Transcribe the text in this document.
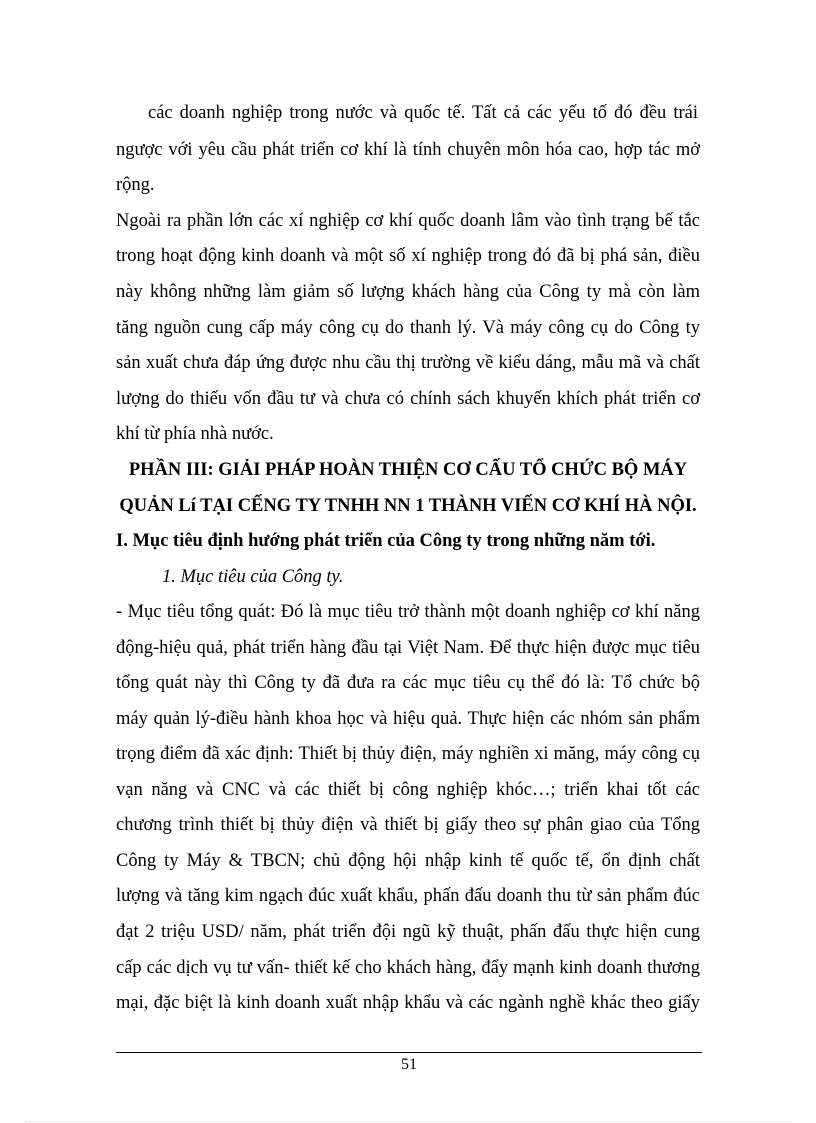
các doanh nghiệp trong nước và quốc tế. Tất cả các yếu tố đó đều trái
ngược với yêu cầu phát triển cơ khí là tính chuyên môn hóa cao, hợp tác mở
rộng.
Ngoài ra phần lớn các xí nghiệp cơ khí quốc doanh lâm vào tình trạng bế tắc
trong hoạt động kinh doanh và một số xí nghiệp trong đó đã bị phá sản, điều
này không những làm giảm số lượng khách hàng của Công ty mà còn làm
tăng nguồn cung cấp máy công cụ do thanh lý. Và máy công cụ do Công ty
sản xuất chưa đáp ứng được nhu cầu thị trường về kiểu dáng, mẫu mã và chất
lượng do thiếu vốn đầu tư và chưa có chính sách khuyến khích phát triển cơ
khí từ phía nhà nước.
PHẦN III: GIẢI PHÁP HOÀN THIỆN CƠ CẤU TỔ CHỨC BỘ MÁY
QUẢN Lí TẠI CẾNG TY TNHH NN 1 THÀNH VIẾN CƠ KHÍ HÀ NỘI.
I. Mục tiêu định hướng phát triển của Công ty trong những năm tới.
1. Mục tiêu của Công ty.
- Mục tiêu tổng quát: Đó là mục tiêu trở thành một doanh nghiệp cơ khí năng
động-hiệu quả, phát triển hàng đầu tại Việt Nam. Để thực hiện được mục tiêu
tổng quát này thì Công ty đã đưa ra các mục tiêu cụ thể đó là: Tổ chức bộ
máy quản lý-điều hành khoa học và hiệu quả. Thực hiện các nhóm sản phẩm
trọng điểm đã xác định: Thiết bị thủy điện, máy nghiền xi măng, máy công cụ
vạn năng và CNC và các thiết bị công nghiệp khóc…; triển khai tốt các
chương trình thiết bị thủy điện và thiết bị giấy theo sự phân giao của Tổng
Công ty Máy & TBCN; chủ động hội nhập kinh tế quốc tế, ổn định chất
lượng và tăng kim ngạch đúc xuất khẩu, phấn đấu doanh thu từ sản phẩm đúc
đạt 2 triệu USD/ năm, phát triển đội ngũ kỹ thuật, phấn đấu thực hiện cung
cấp các dịch vụ tư vấn- thiết kế cho khách hàng, đẩy mạnh kinh doanh thương
mại, đặc biệt là kinh doanh xuất nhập khẩu và các ngành nghề khác theo giấy
51
